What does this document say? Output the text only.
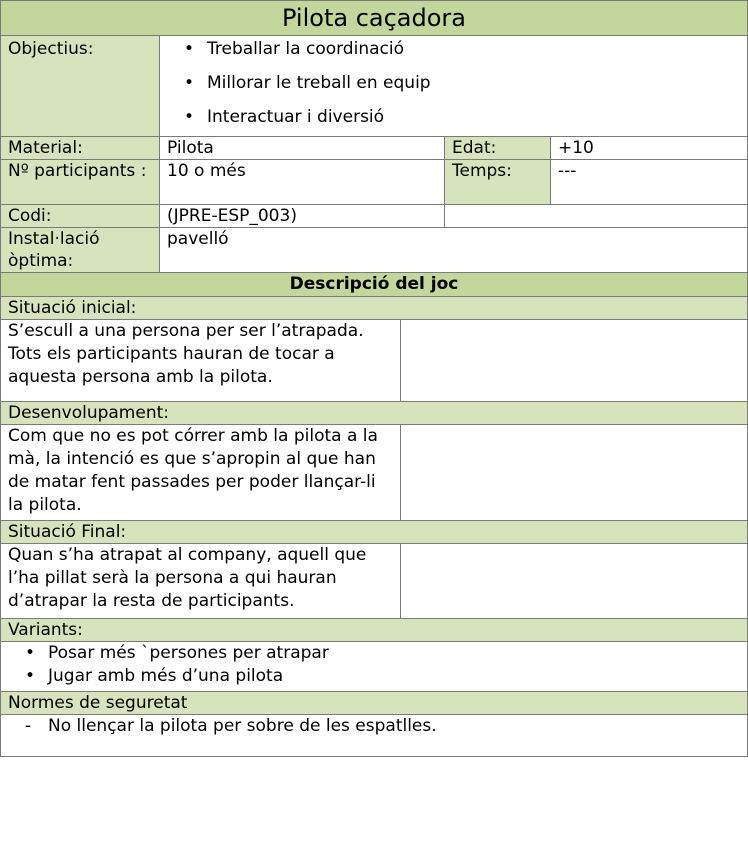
Pilota caçadora
Objectius:
•	Treballar la coordinació
• Millorar le treball en equip
• Interactuar i diversió
Material:	Pilota	Edat:	+10
Nº participants :	10 o més	Temps:	---
Codi:	(JPRE-ESP_003)
Instal·lació òptima:
pavelló
Descripció del joc
Situació inicial:
S’escull a una persona per ser l’atrapada. Tots els participants hauran de tocar a aquesta persona amb la pilota.
Desenvolupament:
Com que no es pot córrer amb la pilota a la mà, la intenció es que s’apropin al que han de matar fent passades per poder llançar-li la pilota.
Situació Final:
Quan s’ha atrapat al company, aquell que l’ha pillat serà la persona a qui hauran d’atrapar la resta de participants.
Variants:
• Posar més `persones per atrapar
• Jugar amb més d’una pilota
Normes de seguretat
- No llençar la pilota per sobre de les espatlles.
